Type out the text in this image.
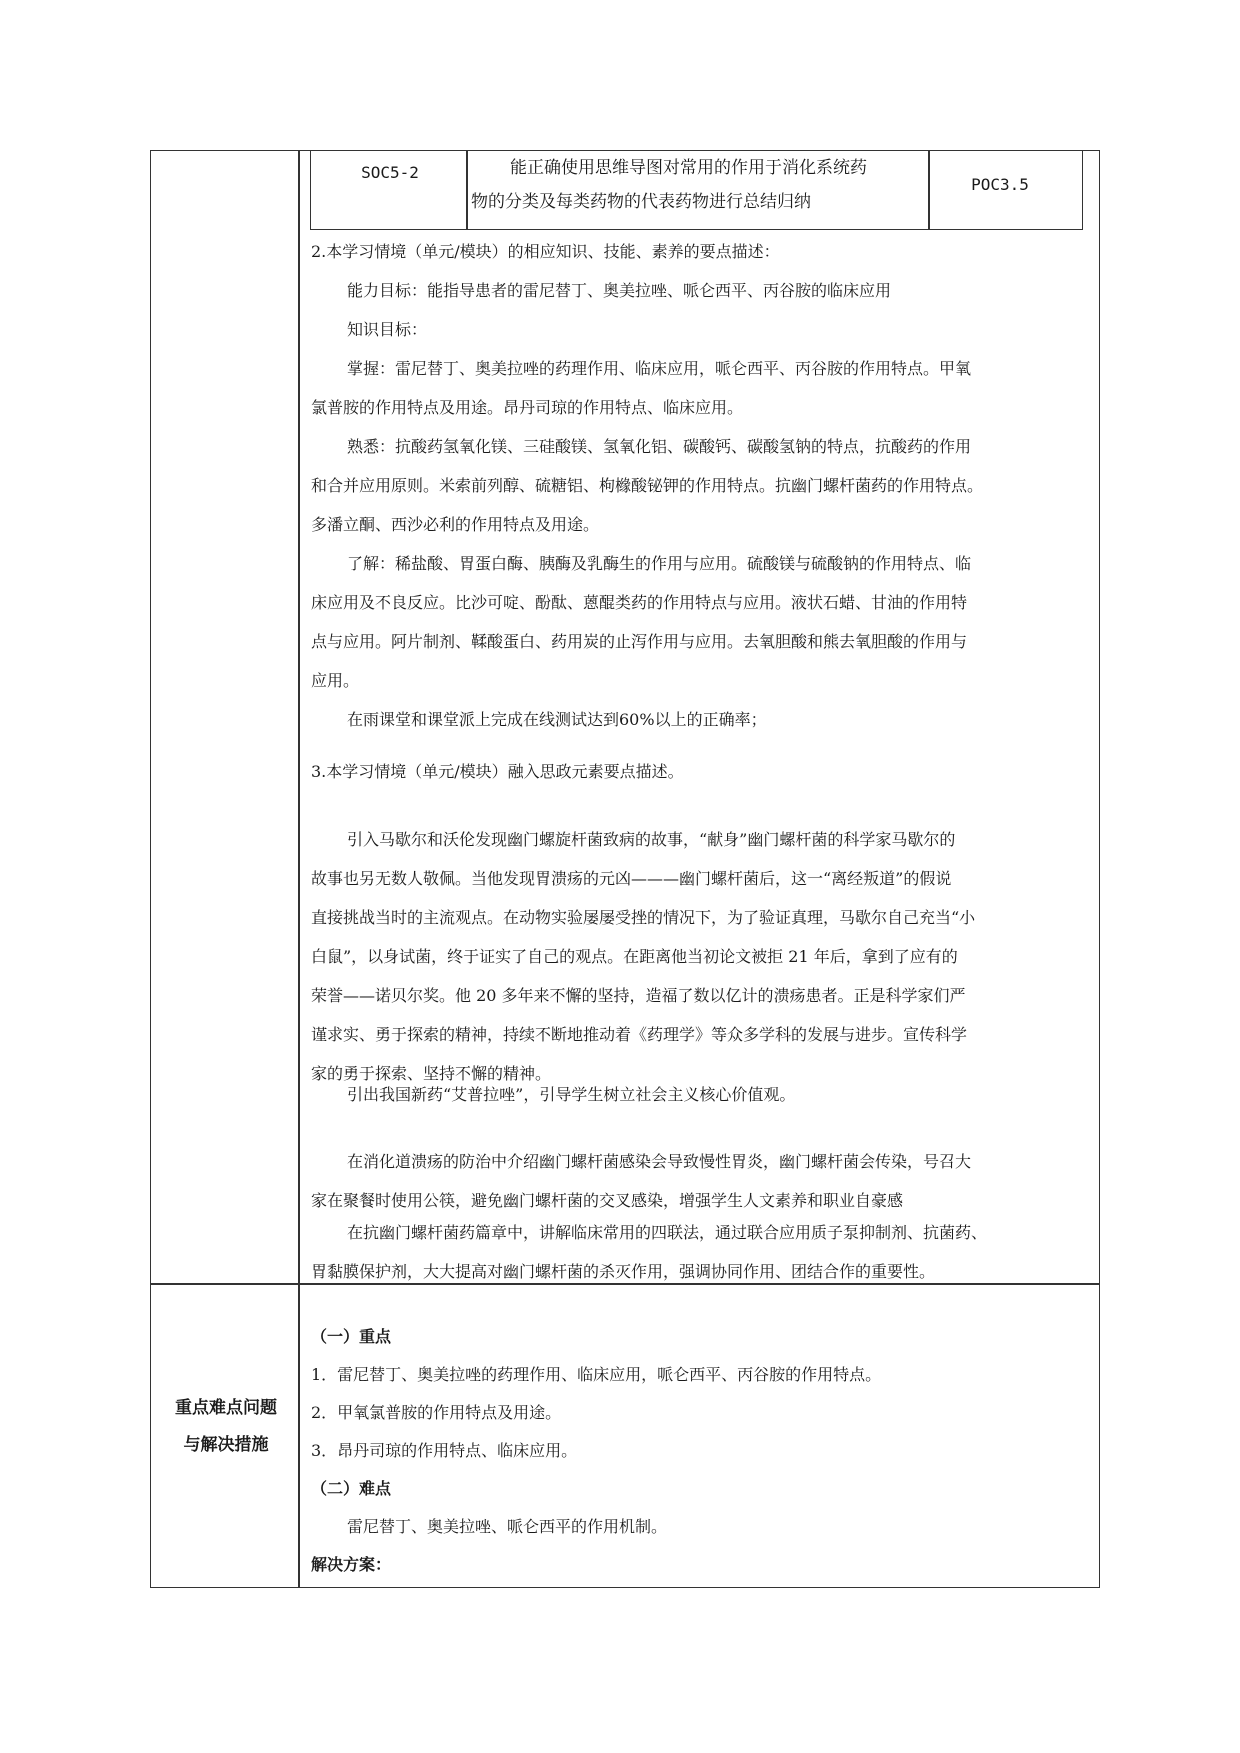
SOC5-2	能正确使用思维导图对常用的作用于消化系统药
物的分类及每类药物的代表药物进行总结归纳
POC3.5
2.本学习情境（单元/模块）的相应知识、技能、素养的要点描述：
能力目标：能指导患者的雷尼替丁、奥美拉唑、哌仑西平、丙谷胺的临床应用
知识目标：
掌握：雷尼替丁、奥美拉唑的药理作用、临床应用，哌仑西平、丙谷胺的作用特点。甲氧
氯普胺的作用特点及用途。昂丹司琼的作用特点、临床应用。
熟悉：抗酸药氢氧化镁、三硅酸镁、氢氧化铝、碳酸钙、碳酸氢钠的特点，抗酸药的作用
和合并应用原则。米索前列醇、硫糖铝、枸橼酸铋钾的作用特点。抗幽门螺杆菌药的作用特点。
多潘立酮、西沙必利的作用特点及用途。
了解：稀盐酸、胃蛋白酶、胰酶及乳酶生的作用与应用。硫酸镁与硫酸钠的作用特点、临
床应用及不良反应。比沙可啶、酚酞、蒽醌类药的作用特点与应用。液状石蜡、甘油的作用特
点与应用。阿片制剂、鞣酸蛋白、药用炭的止泻作用与应用。去氧胆酸和熊去氧胆酸的作用与
应用。
在雨课堂和课堂派上完成在线测试达到60%以上的正确率；
3.本学习情境（单元/模块）融入思政元素要点描述。
引入马歇尔和沃伦发现幽门螺旋杆菌致病的故事，“献身”幽门螺杆菌的科学家马歇尔的
故事也另无数人敬佩。当他发现胃溃疡的元凶———幽门螺杆菌后，这一“离经叛道”的假说
直接挑战当时的主流观点。在动物实验屡屡受挫的情况下，为了验证真理，马歇尔自己充当“小
白鼠”，以身试菌，终于证实了自己的观点。在距离他当初论文被拒 21 年后，拿到了应有的
荣誉——诺贝尔奖。他 20 多年来不懈的坚持，造福了数以亿计的溃疡患者。正是科学家们严
谨求实、勇于探索的精神，持续不断地推动着《药理学》等众多学科的发展与进步。宣传科学
家的勇于探索、坚持不懈的精神。
引出我国新药“艾普拉唑”，引导学生树立社会主义核心价值观。
在消化道溃疡的防治中介绍幽门螺杆菌感染会导致慢性胃炎，幽门螺杆菌会传染，号召大
家在聚餐时使用公筷，避免幽门螺杆菌的交叉感染，增强学生人文素养和职业自豪感
在抗幽门螺杆菌药篇章中，讲解临床常用的四联法，通过联合应用质子泵抑制剂、抗菌药、
胃黏膜保护剂，大大提高对幽门螺杆菌的杀灭作用，强调协同作用、团结合作的重要性。
重点难点问题
与解决措施
（一）重点
1．雷尼替丁、奥美拉唑的药理作用、临床应用，哌仑西平、丙谷胺的作用特点。
2．甲氧氯普胺的作用特点及用途。
3．昂丹司琼的作用特点、临床应用。
（二）难点
雷尼替丁、奥美拉唑、哌仑西平的作用机制。
解决方案：
